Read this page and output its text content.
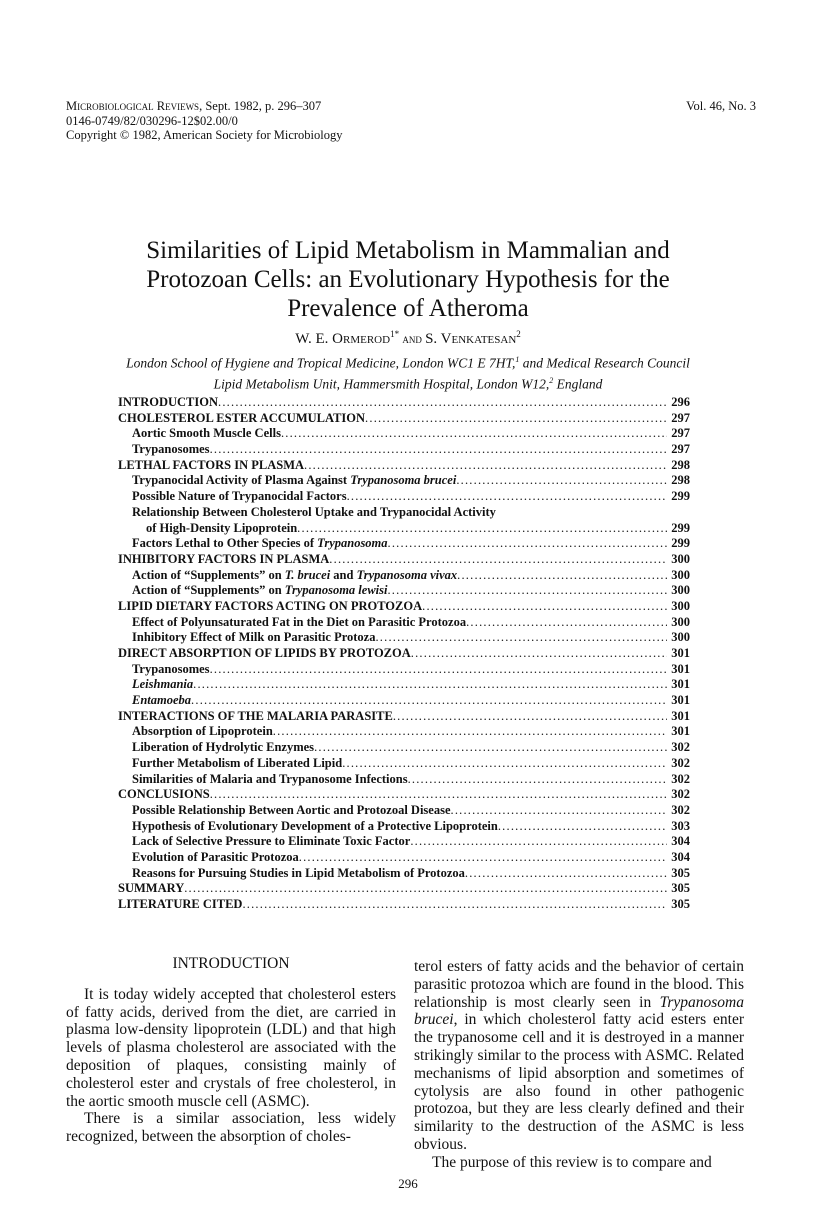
Microbiological Reviews, Sept. 1982, p. 296–307
0146-0749/82/030296-12$02.00/0
Copyright © 1982, American Society for Microbiology
Vol. 46, No. 3
Similarities of Lipid Metabolism in Mammalian and
Protozoan Cells: an Evolutionary Hypothesis for the
Prevalence of Atheroma
W. E. Ormerod$^{1*}$ and S. Venkatesan$^2$
London School of Hygiene and Tropical Medicine, London WC1 E 7HT,$^1$ and Medical Research Council
Lipid Metabolism Unit, Hammersmith Hospital, London W12,$^2$ England
INTRODUCTION .....	296
CHOLESTEROL ESTER ACCUMULATION .....	297
Aortic Smooth Muscle Cells .....	297
Trypanosomes .....	297
LETHAL FACTORS IN PLASMA .....	298
Trypanocidal Activity of Plasma Against Trypanosoma brucei .....	298
Possible Nature of Trypanocidal Factors .....	299
Relationship Between Cholesterol Uptake and Trypanocidal Activity
of High-Density Lipoprotein .....	299
Factors Lethal to Other Species of Trypanosoma .....	299
INHIBITORY FACTORS IN PLASMA .....	300
Action of “Supplements” on T. brucei and Trypanosoma vivax .....	300
Action of “Supplements” on Trypanosoma lewisi .....	300
LIPID DIETARY FACTORS ACTING ON PROTOZOA .....	300
Effect of Polyunsaturated Fat in the Diet on Parasitic Protozoa .....	300
Inhibitory Effect of Milk on Parasitic Protoza .....	300
DIRECT ABSORPTION OF LIPIDS BY PROTOZOA .....	301
Trypanosomes .....	301
Leishmania .....	301
Entamoeba .....	301
INTERACTIONS OF THE MALARIA PARASITE .....	301
Absorption of Lipoprotein .....	301
Liberation of Hydrolytic Enzymes .....	302
Further Metabolism of Liberated Lipid .....	302
Similarities of Malaria and Trypanosome Infections .....	302
CONCLUSIONS .....	302
Possible Relationship Between Aortic and Protozoal Disease .....	302
Hypothesis of Evolutionary Development of a Protective Lipoprotein .....	303
Lack of Selective Pressure to Eliminate Toxic Factor .....	304
Evolution of Parasitic Protozoa .....	304
Reasons for Pursuing Studies in Lipid Metabolism of Protozoa .....	305
SUMMARY .....	305
LITERATURE CITED .....	305
INTRODUCTION

It is today widely accepted that cholesterol esters of fatty acids, derived from the diet, are carried in plasma low-density lipoprotein (LDL) and that high levels of plasma cholesterol are associated with the deposition of plaques, consisting mainly of cholesterol ester and crystals of free cholesterol, in the aortic smooth muscle cell (ASMC).

There is a similar association, less widely recognized, between the absorption of choles-

terol esters of fatty acids and the behavior of certain parasitic protozoa which are found in the blood. This relationship is most clearly seen in Trypanosoma brucei, in which cholesterol fatty acid esters enter the trypanosome cell and it is destroyed in a manner strikingly similar to the process with ASMC. Related mechanisms of lipid absorption and sometimes of cytolysis are also found in other pathogenic protozoa, but they are less clearly defined and their similarity to the destruction of the ASMC is less obvious.

The purpose of this review is to compare and

296
